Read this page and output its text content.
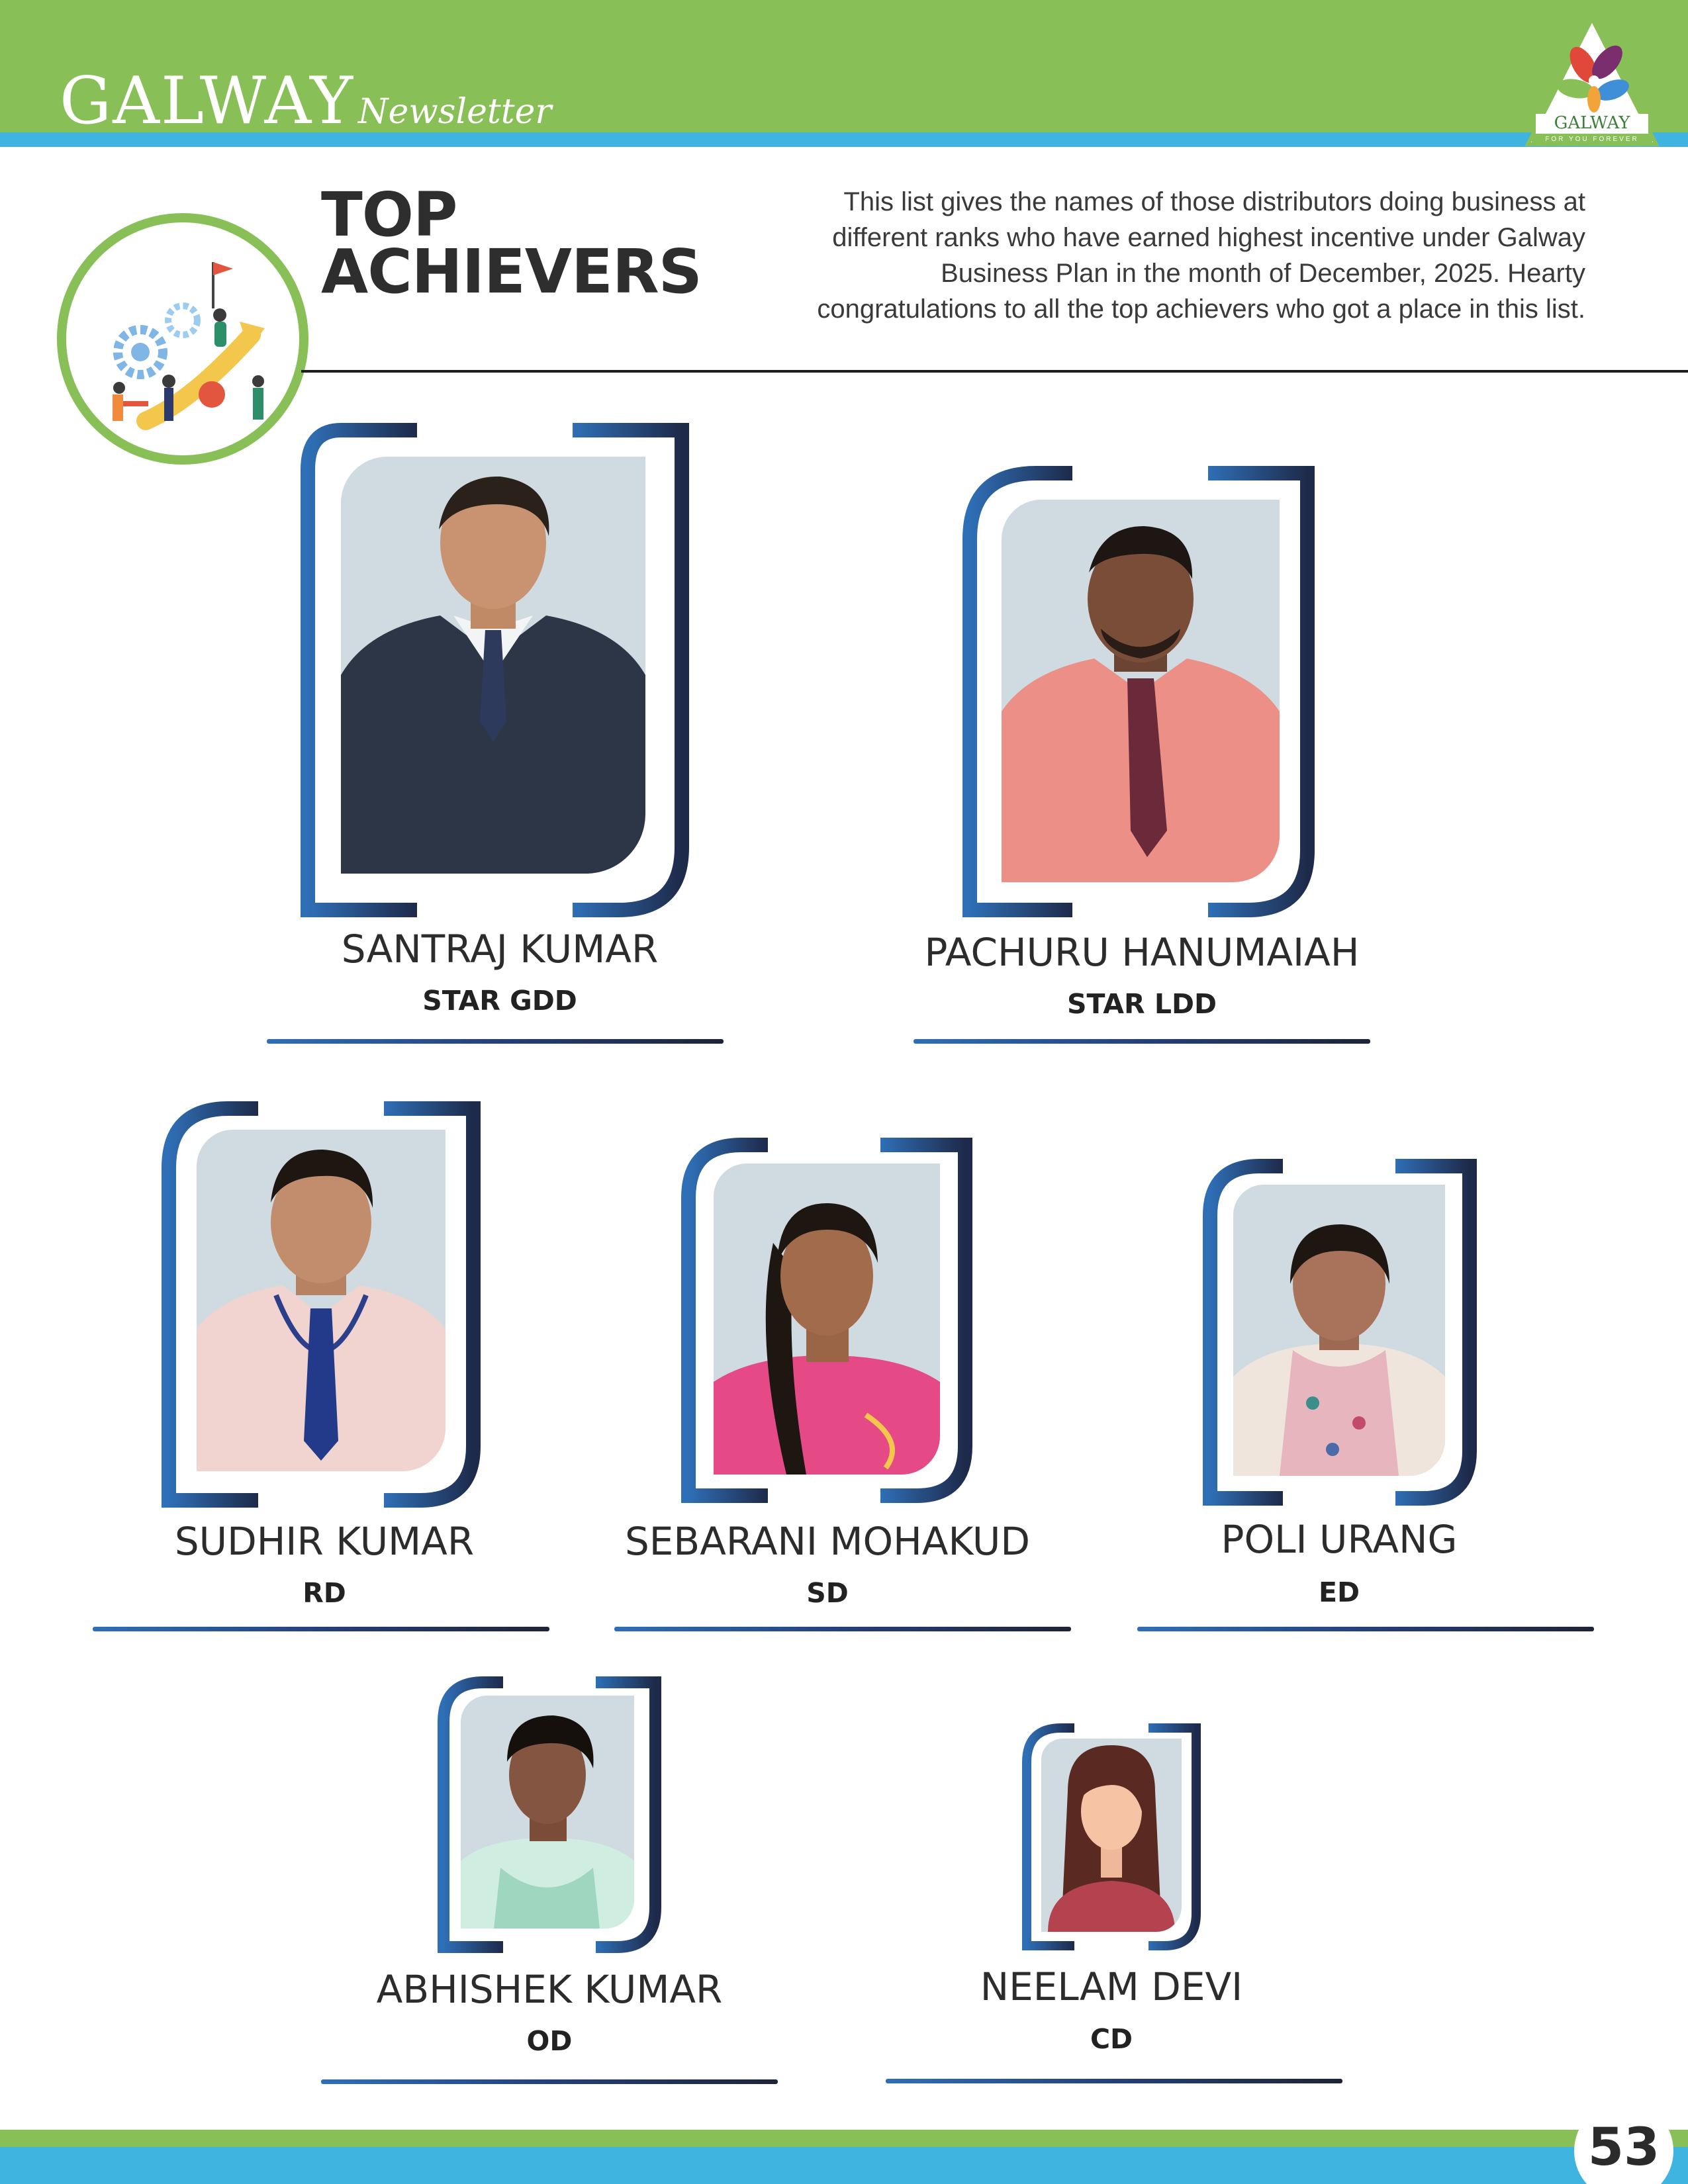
GALWAY Newsletter	GALWAY
FOR YOU FOREVER
TOP
ACHIEVERS
This list gives the names of those distributors doing business at different ranks who have earned highest incentive under Galway Business Plan in the month of December, 2025. Hearty congratulations to all the top achievers who got a place in this list.
SANTRAJ KUMAR
STAR GDD
PACHURU HANUMAIAH
STAR LDD
SUDHIR KUMAR
RD
SEBARANI MOHAKUD
SD
POLI URANG
ED
ABHISHEK KUMAR
OD
NEELAM DEVI
CD
53
